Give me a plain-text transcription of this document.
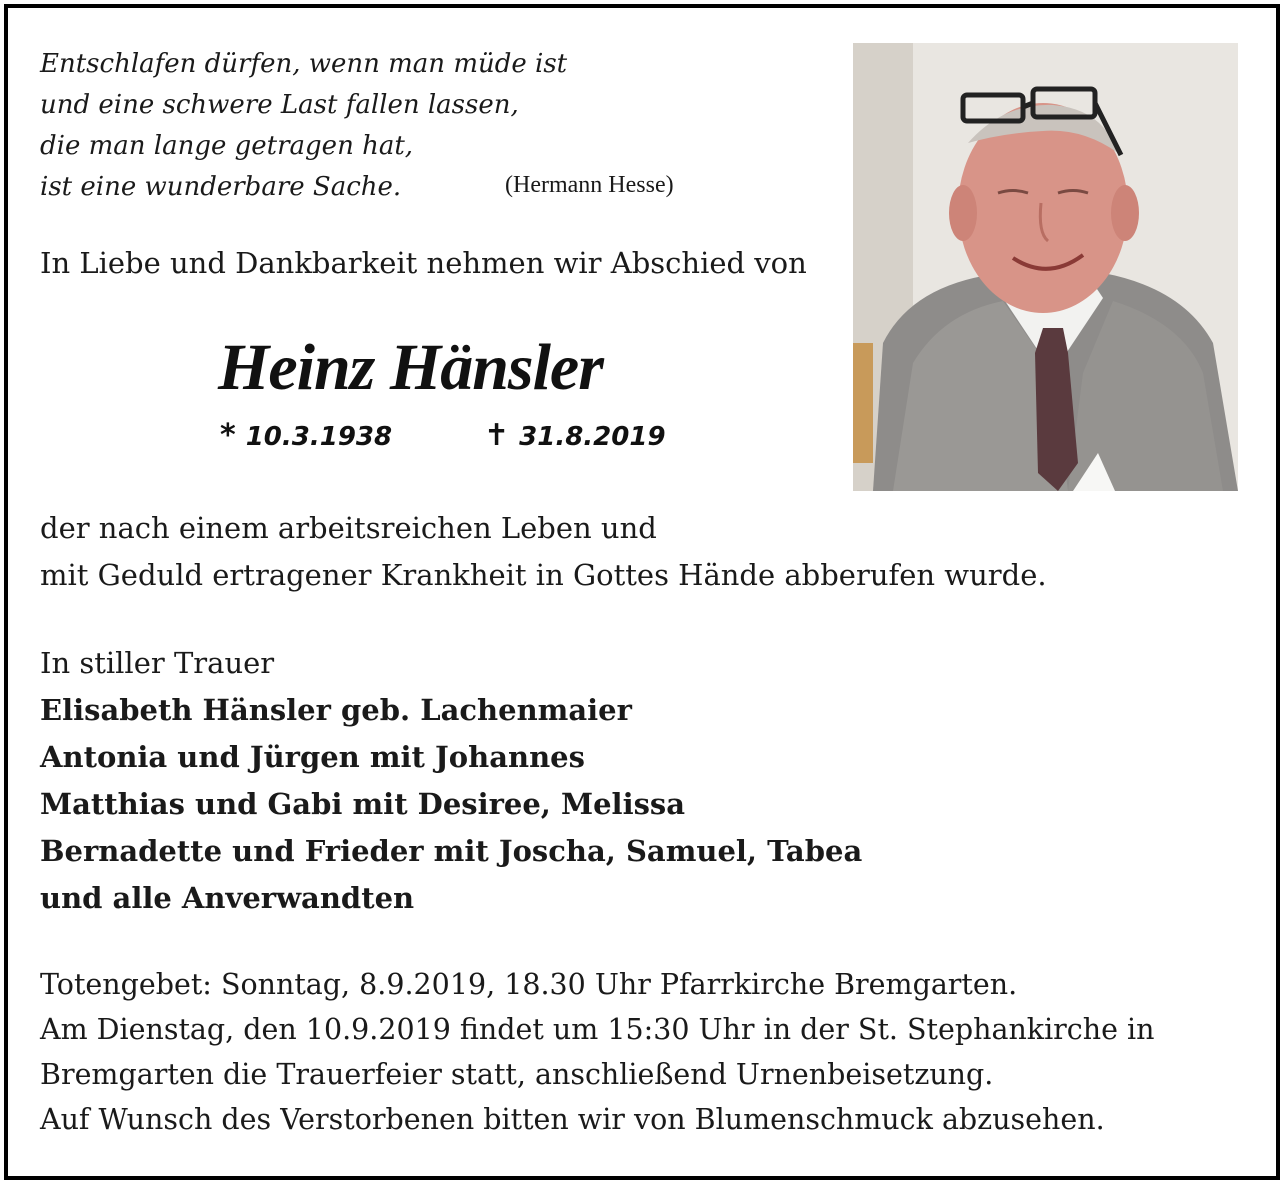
Entschlafen dürfen, wenn man müde ist
und eine schwere Last fallen lassen,
die man lange getragen hat,
ist eine wunderbare Sache.	(Hermann Hesse)
In Liebe und Dankbarkeit nehmen wir Abschied von
Heinz Hänsler
* 10.3.1938	✝ 31.8.2019
der nach einem arbeitsreichen Leben und
mit Geduld ertragener Krankheit in Gottes Hände abberufen wurde.
In stiller Trauer
Elisabeth Hänsler geb. Lachenmaier
Antonia und Jürgen mit Johannes
Matthias und Gabi mit Desiree, Melissa
Bernadette und Frieder mit Joscha, Samuel, Tabea
und alle Anverwandten
Totengebet: Sonntag, 8.9.2019, 18.30 Uhr Pfarrkirche Bremgarten.
Am Dienstag, den 10.9.2019 findet um 15:30 Uhr in der St. Stephankirche in
Bremgarten die Trauerfeier statt, anschließend Urnenbeisetzung.
Auf Wunsch des Verstorbenen bitten wir von Blumenschmuck abzusehen.
